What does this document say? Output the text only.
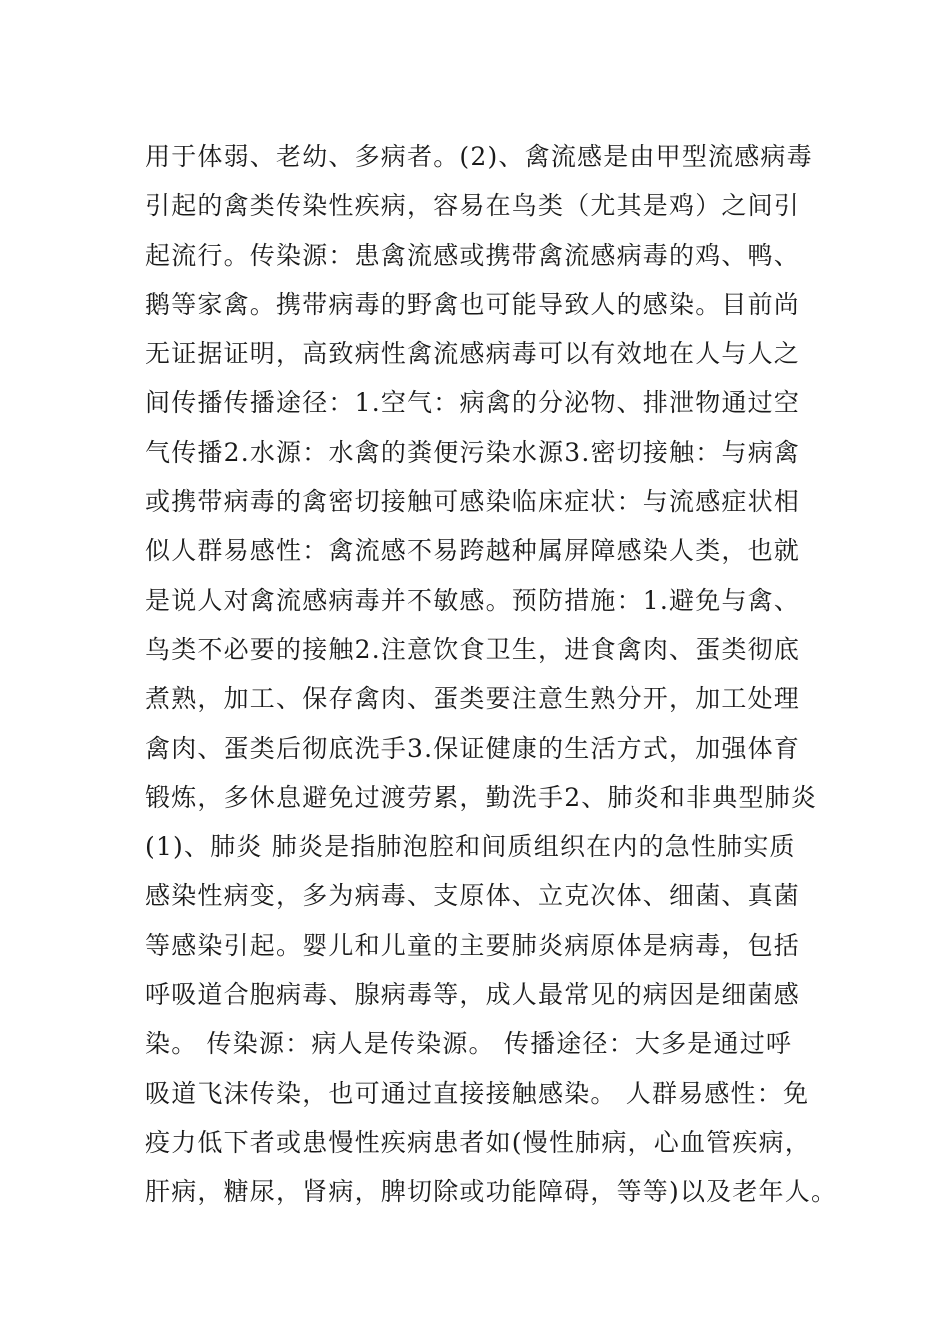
用于体弱、老幼、多病者。(2)、禽流感是由甲型流感病毒
引起的禽类传染性疾病，容易在鸟类（尤其是鸡）之间引
起流行。传染源：患禽流感或携带禽流感病毒的鸡、鸭、
鹅等家禽。携带病毒的野禽也可能导致人的感染。目前尚
无证据证明，高致病性禽流感病毒可以有效地在人与人之
间传播传播途径：1.空气：病禽的分泌物、排泄物通过空
气传播2.水源：水禽的粪便污染水源3.密切接触：与病禽
或携带病毒的禽密切接触可感染临床症状：与流感症状相
似人群易感性：禽流感不易跨越种属屏障感染人类，也就
是说人对禽流感病毒并不敏感。预防措施：1.避免与禽、
鸟类不必要的接触2.注意饮食卫生，进食禽肉、蛋类彻底
煮熟，加工、保存禽肉、蛋类要注意生熟分开，加工处理
禽肉、蛋类后彻底洗手3.保证健康的生活方式，加强体育
锻炼，多休息避免过渡劳累，勤洗手2、肺炎和非典型肺炎
(1)、肺炎 肺炎是指肺泡腔和间质组织在内的急性肺实质
感染性病变，多为病毒、支原体、立克次体、细菌、真菌
等感染引起。婴儿和儿童的主要肺炎病原体是病毒，包括
呼吸道合胞病毒、腺病毒等，成人最常见的病因是细菌感
染。 传染源：病人是传染源。 传播途径：大多是通过呼
吸道飞沫传染，也可通过直接接触感染。 人群易感性：免
疫力低下者或患慢性疾病患者如(慢性肺病，心血管疾病，
肝病，糖尿，肾病，脾切除或功能障碍，等等)以及老年人。
